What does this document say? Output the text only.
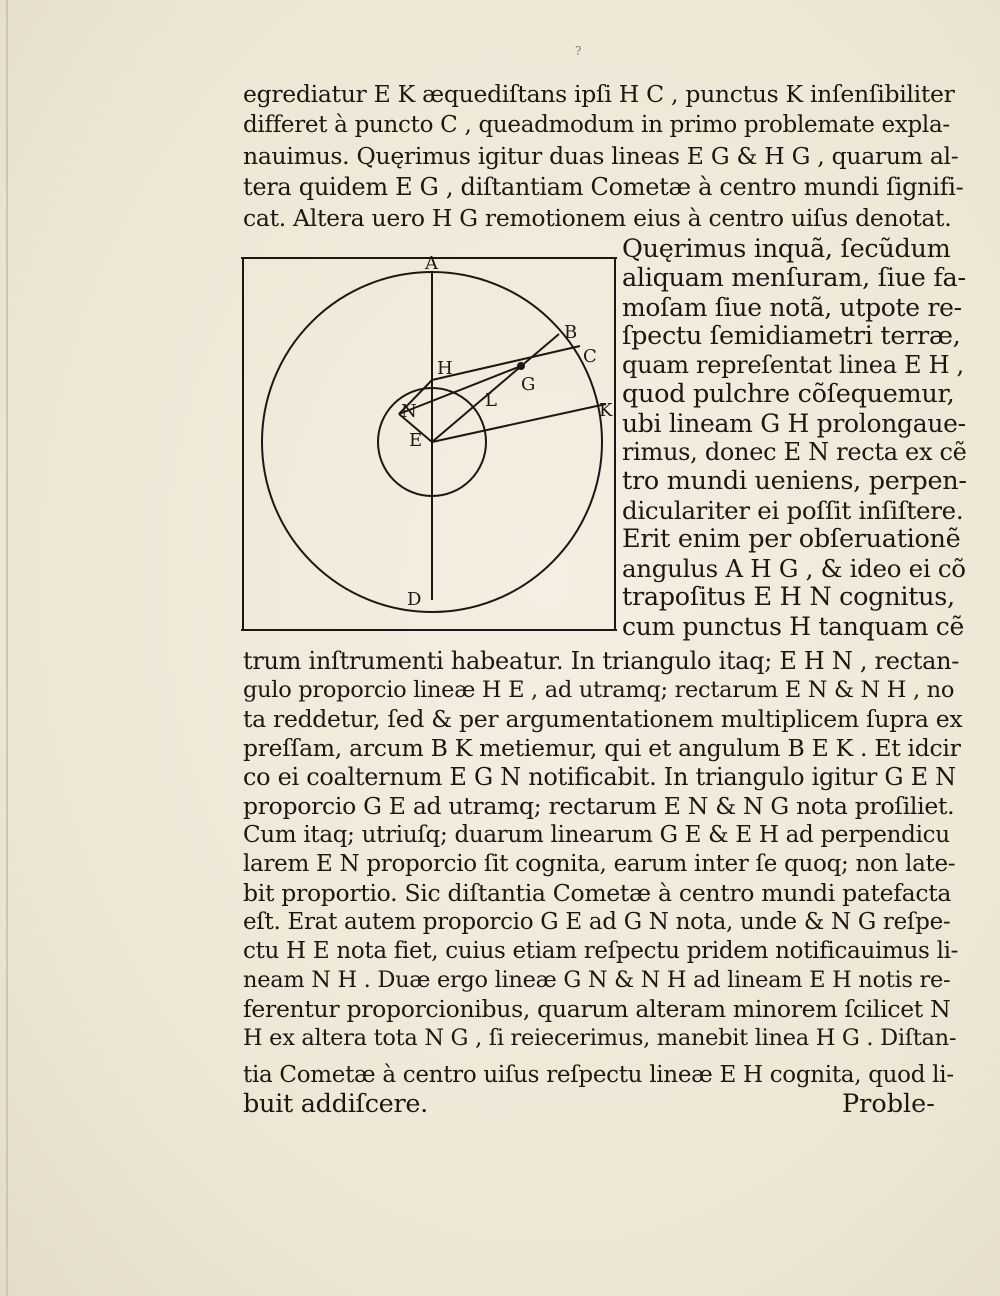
?
egrediatur E K æquediſtans ipſi H C , punctus K inſenſibiliter
differet à puncto C , queadmodum in primo problemate expla-
nauimus. Quęrimus igitur duas lineas E G & H G , quarum al-
tera quidem E G , diſtantiam Cometæ à centro mundi ſignifi-
cat. Altera uero H G remotionem eius à centro uiſus denotat.
Quęrimus inquã, ſecũdum
aliquam menſuram, ſiue fa-
moſam ſiue notã, utpote re-
ſpectu ſemidiametri terræ,
quam repreſentat linea E H ,
quod pulchre cõſequemur,
ubi lineam G H prolongaue-
rimus, donec E N recta ex cẽ
tro mundi ueniens, perpen-
diculariter ei poſſit inſiſtere.
Erit enim per obſeruationẽ
angulus A H G , & ideo ei cõ
trapoſitus E H N cognitus,
cum punctus H tanquam cẽ
A
B
C
K
H
G
L
N
E
D
trum inſtrumenti habeatur. In triangulo itaq; E H N , rectan-
gulo proporcio lineæ H E , ad utramq; rectarum E N & N H , no
ta reddetur, ſed & per argumentationem multiplicem ſupra ex
preſſam, arcum B K metiemur, qui et angulum B E K . Et idcir
co ei coalternum E G N notificabit. In triangulo igitur G E N
proporcio G E ad utramq; rectarum E N & N G nota proſiliet.
Cum itaq; utriuſq; duarum linearum G E & E H ad perpendicu
larem E N proporcio ſit cognita, earum inter ſe quoq; non late-
bit proportio. Sic diſtantia Cometæ à centro mundi patefacta
eſt. Erat autem proporcio G E ad G N nota, unde & N G reſpe-
ctu H E nota fiet, cuius etiam reſpectu pridem notificauimus li-
neam N H . Duæ ergo lineæ G N & N H ad lineam E H notis re-
ferentur proporcionibus, quarum alteram minorem ſcilicet N
H ex altera tota N G , ſi reiecerimus, manebit linea H G . Diſtan-
tia Cometæ à centro uiſus reſpectu lineæ E H cognita, quod li-
buit addiſcere.	Proble-
